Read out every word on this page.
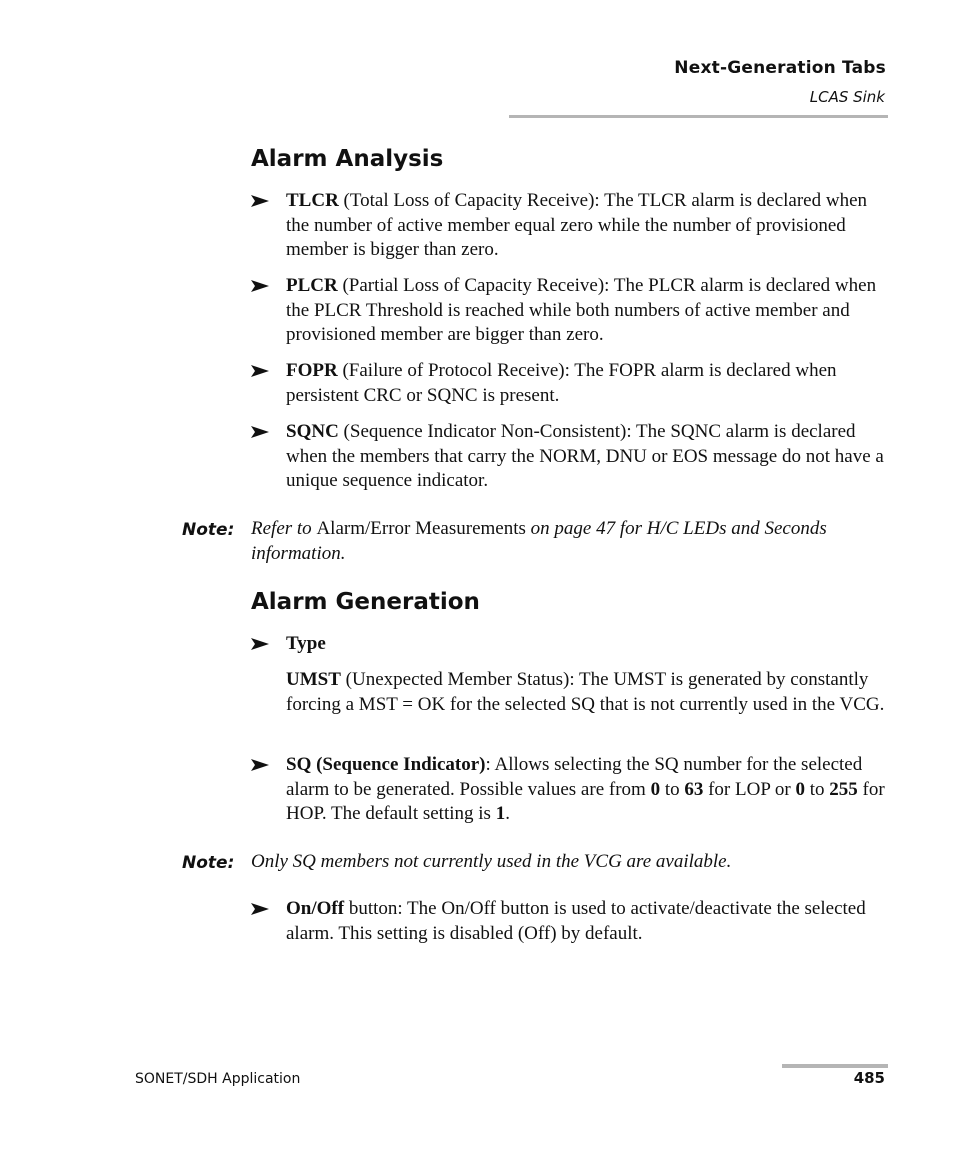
Next-Generation Tabs
LCAS Sink
Alarm Analysis
TLCR (Total Loss of Capacity Receive): The TLCR alarm is declared when the number of active member equal zero while the number of provisioned member is bigger than zero.
PLCR (Partial Loss of Capacity Receive): The PLCR alarm is declared when the PLCR Threshold is reached while both numbers of active member and provisioned member are bigger than zero.
FOPR (Failure of Protocol Receive): The FOPR alarm is declared when persistent CRC or SQNC is present.
SQNC (Sequence Indicator Non-Consistent): The SQNC alarm is declared when the members that carry the NORM, DNU or EOS message do not have a unique sequence indicator.
Note: Refer to Alarm/Error Measurements on page 47 for H/C LEDs and Seconds information.
Alarm Generation
Type
UMST (Unexpected Member Status): The UMST is generated by constantly forcing a MST = OK for the selected SQ that is not currently used in the VCG.
SQ (Sequence Indicator): Allows selecting the SQ number for the selected alarm to be generated. Possible values are from 0 to 63 for LOP or 0 to 255 for HOP. The default setting is 1.
Note: Only SQ members not currently used in the VCG are available.
On/Off button: The On/Off button is used to activate/deactivate the selected alarm. This setting is disabled (Off) by default.
SONET/SDH Application	485
